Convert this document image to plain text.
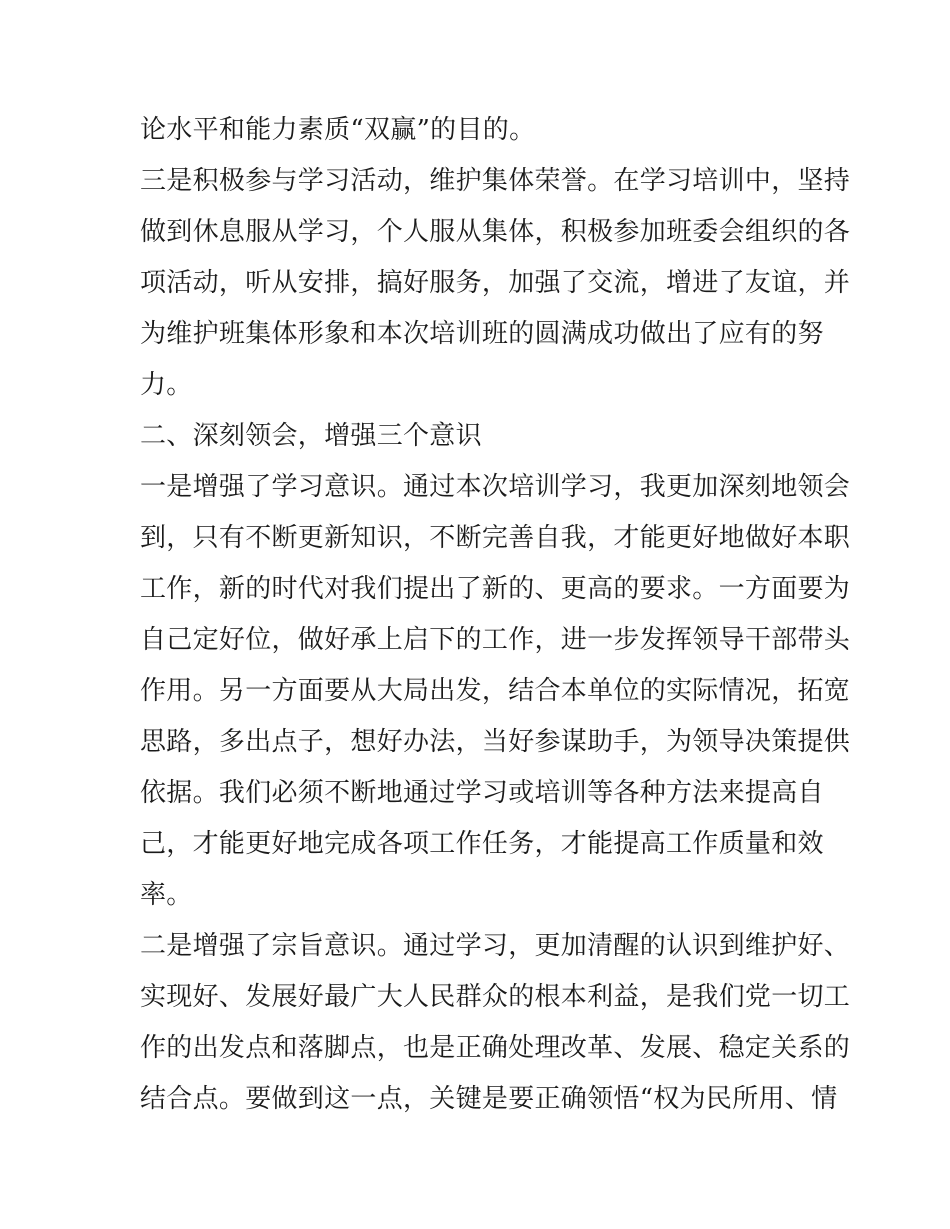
论水平和能力素质“双赢”的目的。
三是积极参与学习活动，维护集体荣誉。在学习培训中，坚持
做到休息服从学习，个人服从集体，积极参加班委会组织的各
项活动，听从安排，搞好服务，加强了交流，增进了友谊，并
为维护班集体形象和本次培训班的圆满成功做出了应有的努
力。
二、深刻领会，增强三个意识
一是增强了学习意识。通过本次培训学习，我更加深刻地领会
到，只有不断更新知识，不断完善自我，才能更好地做好本职
工作，新的时代对我们提出了新的、更高的要求。一方面要为
自己定好位，做好承上启下的工作，进一步发挥领导干部带头
作用。另一方面要从大局出发，结合本单位的实际情况，拓宽
思路，多出点子，想好办法，当好参谋助手，为领导决策提供
依据。我们必须不断地通过学习或培训等各种方法来提高自
己，才能更好地完成各项工作任务，才能提高工作质量和效
率。
二是增强了宗旨意识。通过学习，更加清醒的认识到维护好、
实现好、发展好最广大人民群众的根本利益，是我们党一切工
作的出发点和落脚点，也是正确处理改革、发展、稳定关系的
结合点。要做到这一点，关键是要正确领悟“权为民所用、情
